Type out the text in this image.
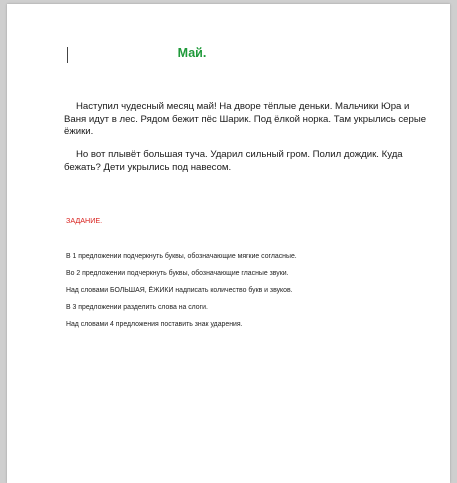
Май.

Наступил чудесный месяц май! На дворе тёплые деньки. Мальчики Юра и Ваня идут в лес. Рядом бежит пёс Шарик. Под ёлкой норка. Там укрылись серые ёжики.

Но вот плывёт большая туча. Ударил сильный гром. Полил дождик. Куда бежать? Дети укрылись под навесом.

ЗАДАНИЕ.

В 1 предложении подчеркнуть буквы, обозначающие мягкие согласные.

Во 2 предложении подчеркнуть буквы, обозначающие гласные звуки.

Над словами БОЛЬШАЯ, ЁЖИКИ надписать количество букв и звуков.

В 3 предложении разделить слова на слоги.

Над словами 4 предложения поставить знак ударения.
